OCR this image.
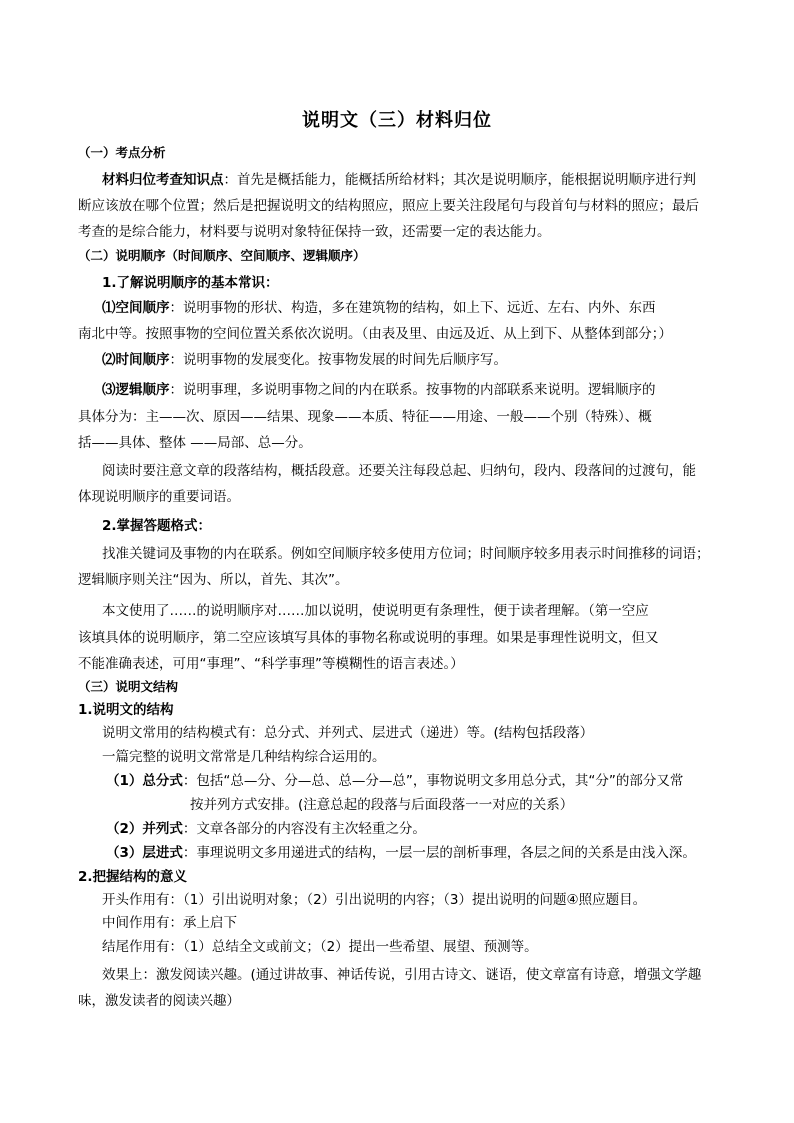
说明文（三）材料归位
（一）考点分析
材料归位考查知识点：首先是概括能力，能概括所给材料；其次是说明顺序，能根据说明顺序进行判
断应该放在哪个位置；然后是把握说明文的结构照应，照应上要关注段尾句与段首句与材料的照应；最后
考查的是综合能力，材料要与说明对象特征保持一致，还需要一定的表达能力。
（二）说明顺序（时间顺序、空间顺序、逻辑顺序）
1.了解说明顺序的基本常识：
⑴空间顺序：说明事物的形状、构造，多在建筑物的结构，如上下、远近、左右、内外、东西
南北中等。按照事物的空间位置关系依次说明。（由表及里、由远及近、从上到下、从整体到部分；）
⑵时间顺序：说明事物的发展变化。按事物发展的时间先后顺序写。
⑶逻辑顺序：说明事理，多说明事物之间的内在联系。按事物的内部联系来说明。逻辑顺序的
具体分为：主——次、原因——结果、现象——本质、特征——用途、一般——个别（特殊）、概
括——具体、整体 ——局部、总—分。
阅读时要注意文章的段落结构，概括段意。还要关注每段总起、归纳句，段内、段落间的过渡句，能
体现说明顺序的重要词语。
2.掌握答题格式：
找准关键词及事物的内在联系。例如空间顺序较多使用方位词；时间顺序较多用表示时间推移的词语；
逻辑顺序则关注“因为、所以，首先、其次”。
本文使用了……的说明顺序对……加以说明，使说明更有条理性，便于读者理解。（第一空应
该填具体的说明顺序，第二空应该填写具体的事物名称或说明的事理。如果是事理性说明文，但又
不能准确表述，可用“事理”、“科学事理”等模糊性的语言表述。）
（三）说明文结构
1.说明文的结构
说明文常用的结构模式有：总分式、并列式、层进式（递进）等。(结构包括段落）
一篇完整的说明文常常是几种结构综合运用的。
（1）总分式：包括“总—分、分—总、总—分—总”，事物说明文多用总分式，其“分”的部分又常
按并列方式安排。(注意总起的段落与后面段落一一对应的关系）
（2）并列式：文章各部分的内容没有主次轻重之分。
（3）层进式：事理说明文多用递进式的结构，一层一层的剖析事理，各层之间的关系是由浅入深。
2.把握结构的意义
开头作用有：（1）引出说明对象；（2）引出说明的内容；（3）提出说明的问题④照应题目。
中间作用有：承上启下
结尾作用有：（1）总结全文或前文；（2）提出一些希望、展望、预测等。
效果上：激发阅读兴趣。(通过讲故事、神话传说，引用古诗文、谜语，使文章富有诗意，增强文学趣
味，激发读者的阅读兴趣）
